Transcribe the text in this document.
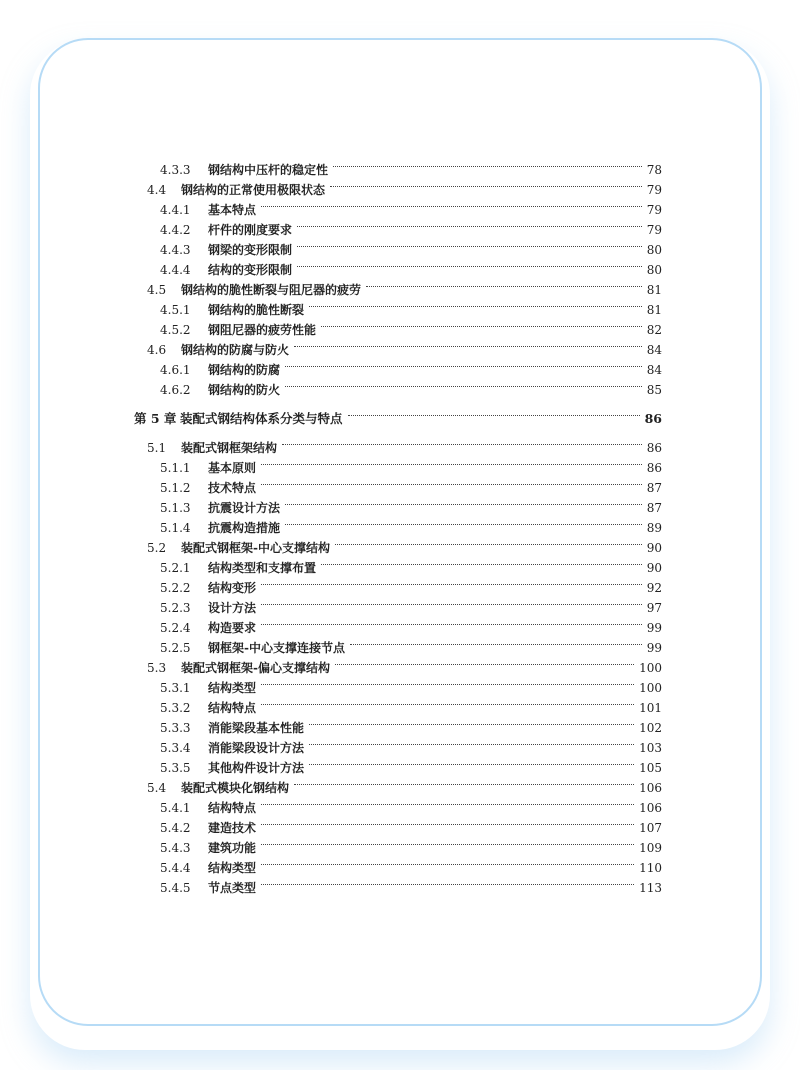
4.3.3	钢结构中压杆的稳定性	78
4.4	钢结构的正常使用极限状态	79
4.4.1	基本特点	79
4.4.2	杆件的刚度要求	79
4.4.3	钢梁的变形限制	80
4.4.4	结构的变形限制	80
4.5	钢结构的脆性断裂与阻尼器的疲劳	81
4.5.1	钢结构的脆性断裂	81
4.5.2	钢阻尼器的疲劳性能	82
4.6	钢结构的防腐与防火	84
4.6.1	钢结构的防腐	84
4.6.2	钢结构的防火	85
第 5 章 装配式钢结构体系分类与特点	86
5.1	装配式钢框架结构	86
5.1.1	基本原则	86
5.1.2	技术特点	87
5.1.3	抗震设计方法	87
5.1.4	抗震构造措施	89
5.2	装配式钢框架-中心支撑结构	90
5.2.1	结构类型和支撑布置	90
5.2.2	结构变形	92
5.2.3	设计方法	97
5.2.4	构造要求	99
5.2.5	钢框架-中心支撑连接节点	99
5.3	装配式钢框架-偏心支撑结构	100
5.3.1	结构类型	100
5.3.2	结构特点	101
5.3.3	消能梁段基本性能	102
5.3.4	消能梁段设计方法	103
5.3.5	其他构件设计方法	105
5.4	装配式模块化钢结构	106
5.4.1	结构特点	106
5.4.2	建造技术	107
5.4.3	建筑功能	109
5.4.4	结构类型	110
5.4.5	节点类型	113
